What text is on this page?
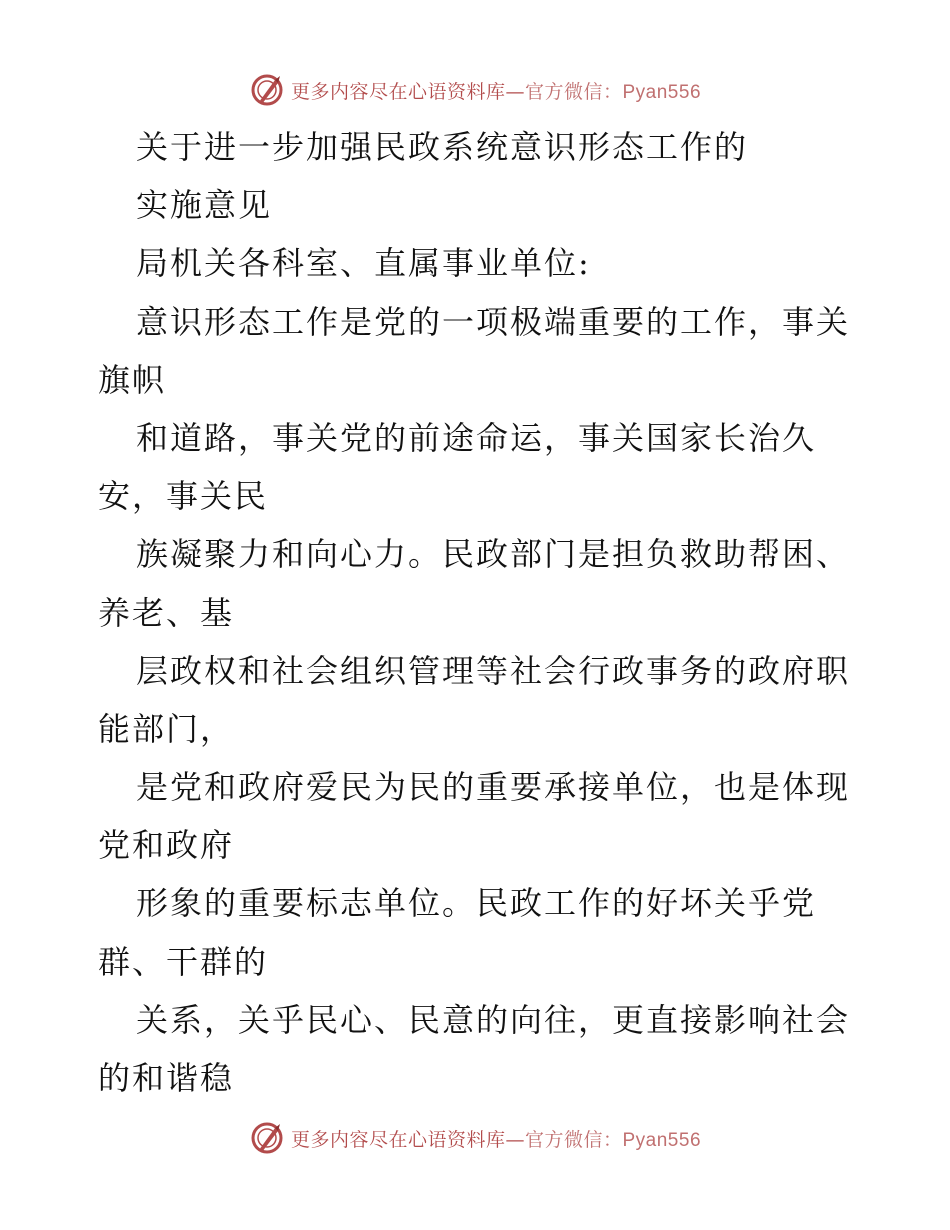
更多内容尽在心语资料库—官方微信：Pyan556
关于进一步加强民政系统意识形态工作的
实施意见
局机关各科室、直属事业单位:
意识形态工作是党的一项极端重要的工作，事关
旗帜
和道路，事关党的前途命运，事关国家长治久
安，事关民
族凝聚力和向心力。民政部门是担负救助帮困、
养老、基
层政权和社会组织管理等社会行政事务的政府职
能部门，
是党和政府爱民为民的重要承接单位，也是体现
党和政府
形象的重要标志单位。民政工作的好坏关乎党
群、干群的
关系，关乎民心、民意的向往，更直接影响社会
的和谐稳
更多内容尽在心语资料库—官方微信：Pyan556
